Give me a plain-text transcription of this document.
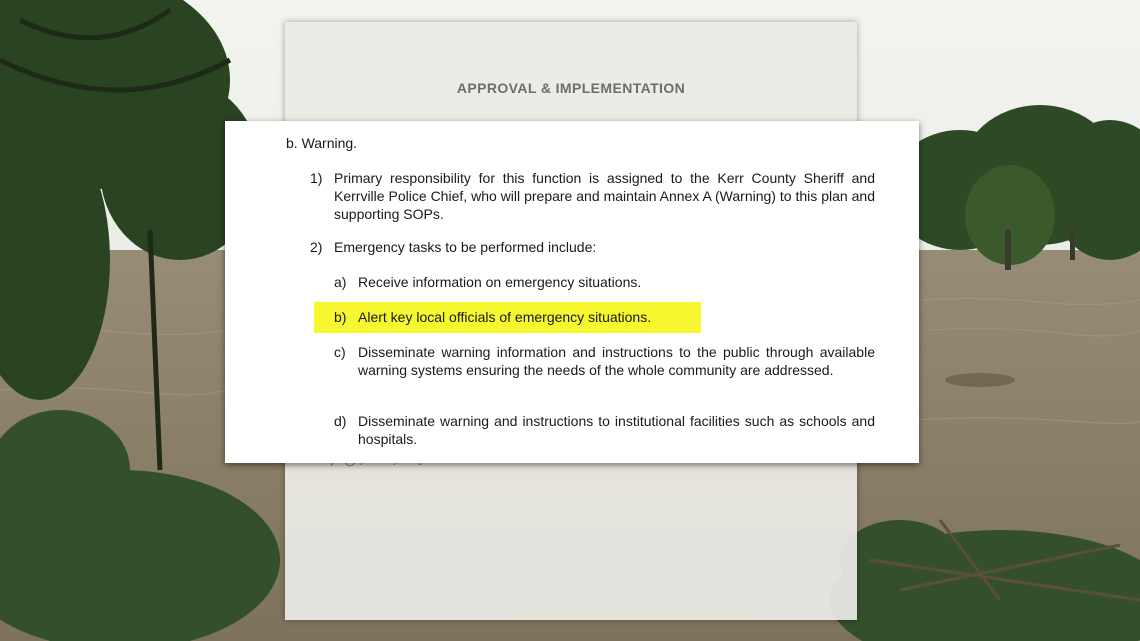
APPROVAL & IMPLEMENTATION
b. Warning.
1) Primary responsibility for this function is assigned to the Kerr County Sheriff and Kerrville Police Chief, who will prepare and maintain Annex A (Warning) to this plan and supporting SOPs.
2) Emergency tasks to be performed include:
a) Receive information on emergency situations.
b) Alert key local officials of emergency situations.
c) Disseminate warning information and instructions to the public through available warning systems ensuring the needs of the whole community are addressed.
d) Disseminate warning and instructions to institutional facilities such as schools and hospitals.
